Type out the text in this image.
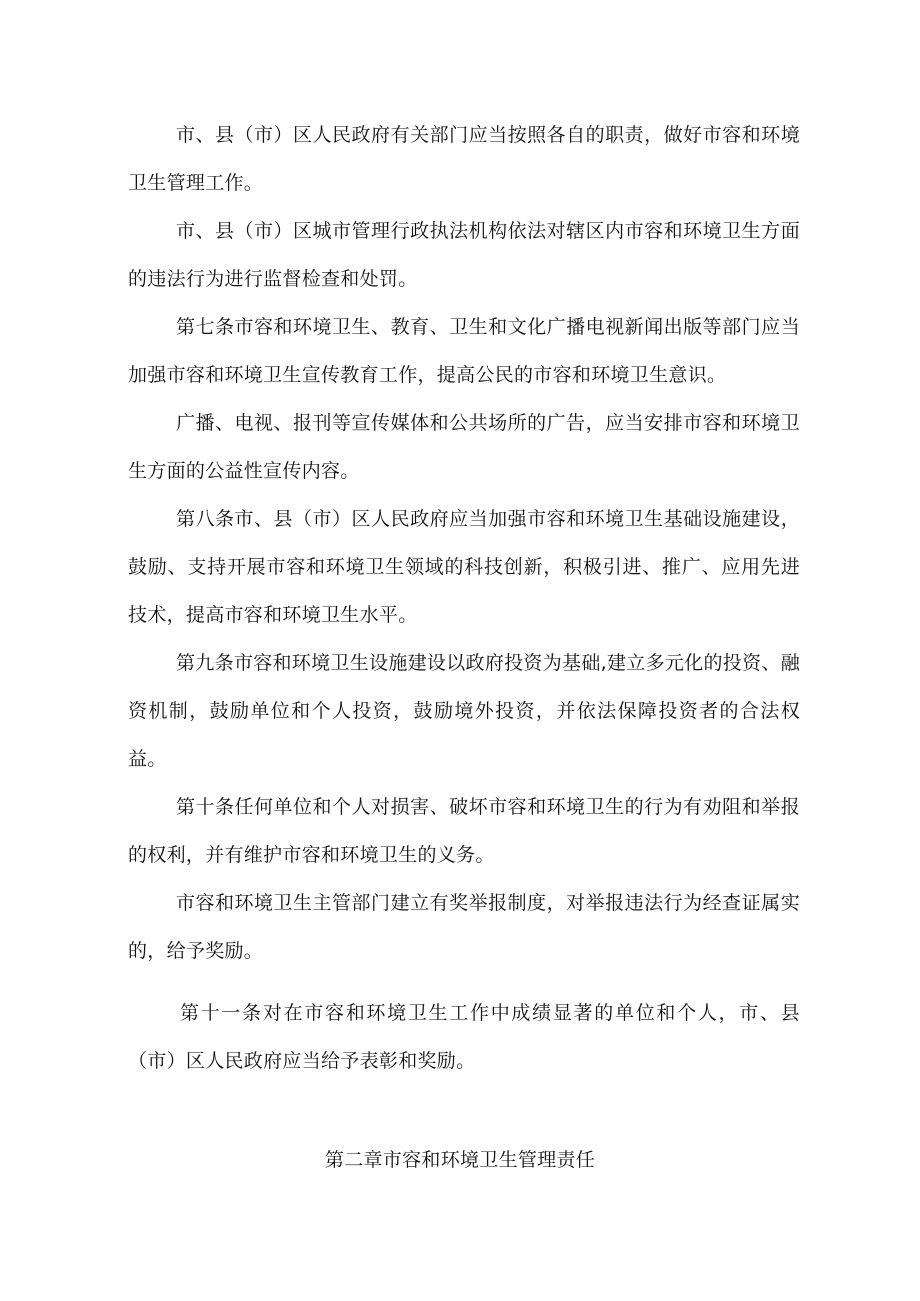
市、县（市）区人民政府有关部门应当按照各自的职责，做好市容和环境卫生管理工作。

市、县（市）区城市管理行政执法机构依法对辖区内市容和环境卫生方面的违法行为进行监督检查和处罚。

第七条市容和环境卫生、教育、卫生和文化广播电视新闻出版等部门应当加强市容和环境卫生宣传教育工作，提高公民的市容和环境卫生意识。

广播、电视、报刊等宣传媒体和公共场所的广告，应当安排市容和环境卫生方面的公益性宣传内容。

第八条市、县（市）区人民政府应当加强市容和环境卫生基础设施建设，鼓励、支持开展市容和环境卫生领域的科技创新，积极引进、推广、应用先进技术，提高市容和环境卫生水平。

第九条市容和环境卫生设施建设以政府投资为基础,建立多元化的投资、融资机制，鼓励单位和个人投资，鼓励境外投资，并依法保障投资者的合法权益。

第十条任何单位和个人对损害、破坏市容和环境卫生的行为有劝阻和举报的权利，并有维护市容和环境卫生的义务。

市容和环境卫生主管部门建立有奖举报制度，对举报违法行为经查证属实的，给予奖励。

第十一条对在市容和环境卫生工作中成绩显著的单位和个人，市、县（市）区人民政府应当给予表彰和奖励。

第二章市容和环境卫生管理责任
